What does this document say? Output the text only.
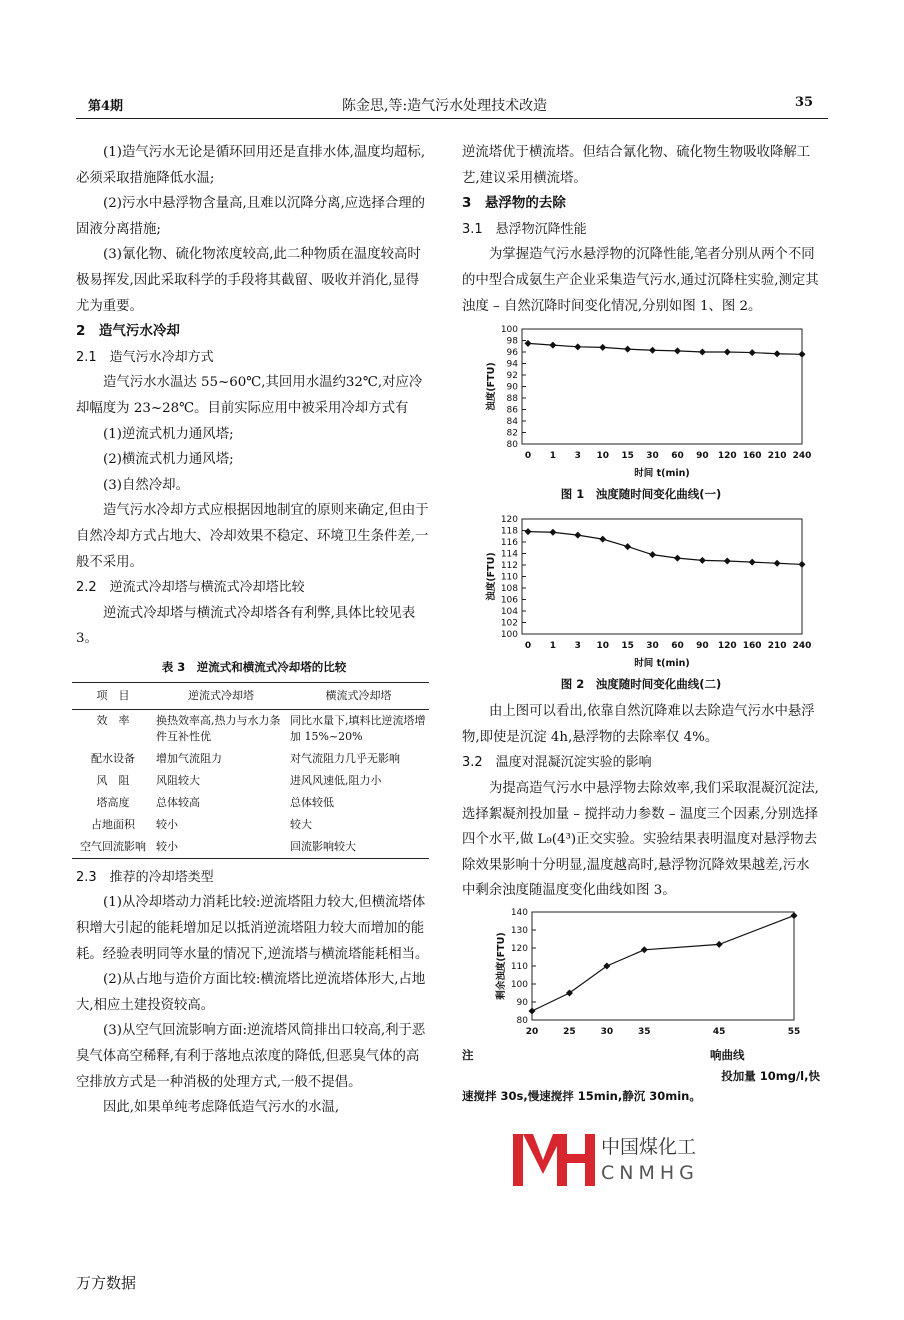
第4期	陈金思,等:造气污水处理技术改造	35

(1)造气污水无论是循环回用还是直排水体,温度均超标,必须采取措施降低水温;

(2)污水中悬浮物含量高,且难以沉降分离,应选择合理的固液分离措施;

(3)氰化物、硫化物浓度较高,此二种物质在温度较高时极易挥发,因此采取科学的手段将其截留、吸收并消化,显得尤为重要。

2　造气污水冷却

2.1　造气污水冷却方式

造气污水水温达 55~60℃,其回用水温约32℃,对应冷却幅度为 23~28℃。目前实际应用中被采用冷却方式有

(1)逆流式机力通风塔;

(2)横流式机力通风塔;

(3)自然冷却。

造气污水冷却方式应根据因地制宜的原则来确定,但由于自然冷却方式占地大、冷却效果不稳定、环境卫生条件差,一般不采用。

2.2　逆流式冷却塔与横流式冷却塔比较

逆流式冷却塔与横流式冷却塔各有利弊,具体比较见表 3。

表 3　逆流式和横流式冷却塔的比较
项　目	逆流式冷却塔	横流式冷却塔
效　率	换热效率高,热力与水力条件互补性优	同比水量下,填料比逆流塔增加 15%~20%
配水设备	增加气流阻力	对气流阻力几乎无影响
风　阻	风阻较大	进风风速低,阻力小
塔高度	总体较高	总体较低
占地面积	较小	较大
空气回流影响	较小	回流影响较大

2.3　推荐的冷却塔类型

(1)从冷却塔动力消耗比较:逆流塔阻力较大,但横流塔体积增大引起的能耗增加足以抵消逆流塔阻力较大而增加的能耗。经验表明同等水量的情况下,逆流塔与横流塔能耗相当。

(2)从占地与造价方面比较:横流塔比逆流塔体形大,占地大,相应土建投资较高。

(3)从空气回流影响方面:逆流塔风筒排出口较高,利于恶臭气体高空稀释,有利于落地点浓度的降低,但恶臭气体的高空排放方式是一种消极的处理方式,一般不提倡。

因此,如果单纯考虑降低造气污水的水温,

逆流塔优于横流塔。但结合氰化物、硫化物生物吸收降解工艺,建议采用横流塔。

3　悬浮物的去除

3.1　悬浮物沉降性能

为掌握造气污水悬浮物的沉降性能,笔者分别从两个不同的中型合成氨生产企业采集造气污水,通过沉降柱实验,测定其浊度 – 自然沉降时间变化情况,分别如图 1、图 2。

80
82
84
86
88
90
92
94
96
98
100
0 1 3 10 15 30 60 90 120 160 210 240
浊度(FTU)
时间 t(min)
图 1　浊度随时间变化曲线(一)
100
102
104
106
108
110
112
114
116
118
120
0 1 3 10 15 30 60 90 120 160 210 240
浊度(FTU)
时间 t(min)
图 2　浊度随时间变化曲线(二)

由上图可以看出,依靠自然沉降难以去除造气污水中悬浮物,即使是沉淀 4h,悬浮物的去除率仅 4%。

3.2　温度对混凝沉淀实验的影响

为提高造气污水中悬浮物去除效率,我们采取混凝沉淀法,选择絮凝剂投加量 – 搅拌动力参数 – 温度三个因素,分别选择四个水平,做 L₉(4³)正交实验。实验结果表明温度对悬浮物去除效果影响十分明显,温度越高时,悬浮物沉降效果越差,污水中剩余浊度随温度变化曲线如图 3。

80
90
100
110
120
130
140
20	25	30	35	45	55
剩余浊度(FTU)
注	响曲线
投加量 10mg/l,快
速搅拌 30s,慢速搅拌 15min,静沉 30min。
中国煤化工
CNMHG
万方数据
